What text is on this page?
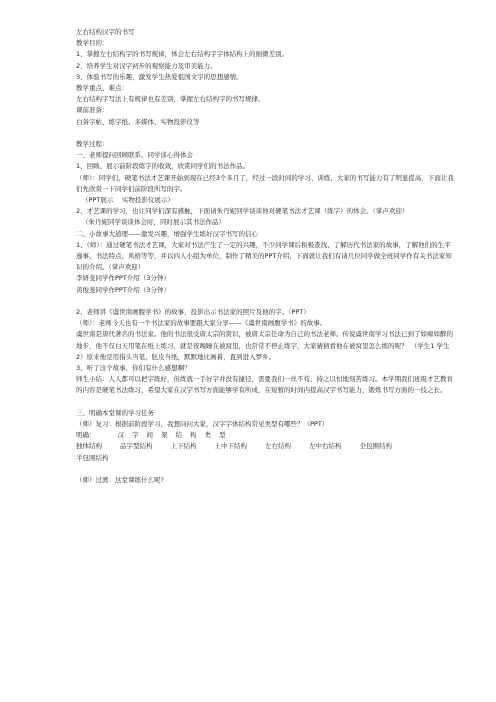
左右结构汉字的书写

教学目的：

1、掌握左右结构字的书写规律，体会左右结构字字体结构上的细微差别。

2、培养学生对汉字初步的观察能力及审美能力。

3、体验书写的乐趣，激发学生热爱祖国文字的思想感情。

教学重点、难点：

左右结构字写法上有规律也有差别，掌握左右结构字的书写规律。

课前准备：

白备字帖、练字纸、多媒体、实物投影仪等

教学过程：

一、老师提问回顾联系，同学谈心得体会

1、回顾、展示前阶段练字的收效，欣赏同学们的书法作品。

（师）：同学们，硬笔书法才艺课开始到现在已经3个多月了，经过一段时间的学习、训练，大家的书写能力有了明显提高，下面让我们先欣赏一下同学们前阶段所写的字。

（PPT展示　 实物投影仪展示）

2、才艺课的学习，也让同学们深有感触，下面请朱丹妮同学谈谈他对硬笔书法才艺课（练字）的体会。（掌声欢迎）

（朱丹妮同学谈谈体会时，同时展示其书法作品）

二、小故事大道理——激发兴趣，增强学生练好汉字书写的信心

1、（师）：通过硬笔书法才艺课，大家对书法产生了一定的兴趣，不少同学课后积极查找、了解历代书法家的故事，了解他们的生平逸事、书法特点、风格等等，并以四人小组为单位，制作了精美的PPT介绍，下面就让我们有请几位同学做全班同学作有关书法家知识的介绍。（掌声欢迎）

李妍斐同学作PPT介绍（3分钟）

黄俊斐同学作PPT介绍（3分钟）

2、老师讲《虞世南画腹学书》的故事，投影出示书法家的照片及他的字。（PPT）

（师）：老师今天也有一个书法家的故事要跟大家分享——《虞世南画腹学书》的故事。

虞世南是唐代著名的书法家。他的书法很受唐太宗的赏识，被唐太宗任命为自己的书法老师。传说虞世南学习书法已到了如痴如醉的地步，他不仅白天用笔在纸上练习，就是夜晚睡在被窝里，也常常不停止练字，大家猜猜看他在被窝里怎么练的呢？　（学生1 学生2）原来他是用指头当笔，肚皮当纸，默默地比画着，直到进入梦乡。

3、听了这个故事，你们有什么感想啊？

师生小结：人人都可以把字练好，但练就一手好字并没有捷径，需要我们一丝不苟、持之以恒地刻苦练习。本学期我们班级才艺教育的内容是硬笔书法练习，希望大家在汉字书写方面能够学有所成，在短暂的时间内提高汉字书写能力，锻炼书写方面的一技之长。

三、明确本堂课的学习任务

（师）复习：根据前阶段学习，我想问问大家，汉字字体结构常见类型有哪些？（PPT）

明确：	汉 字 间 架 结 构 类 型
独体结构	品字型结构	上下结构	上中下结构	左右结构	左中右结构	全包围结构
半包围结构

（师）过渡：这堂课练什么呢?
